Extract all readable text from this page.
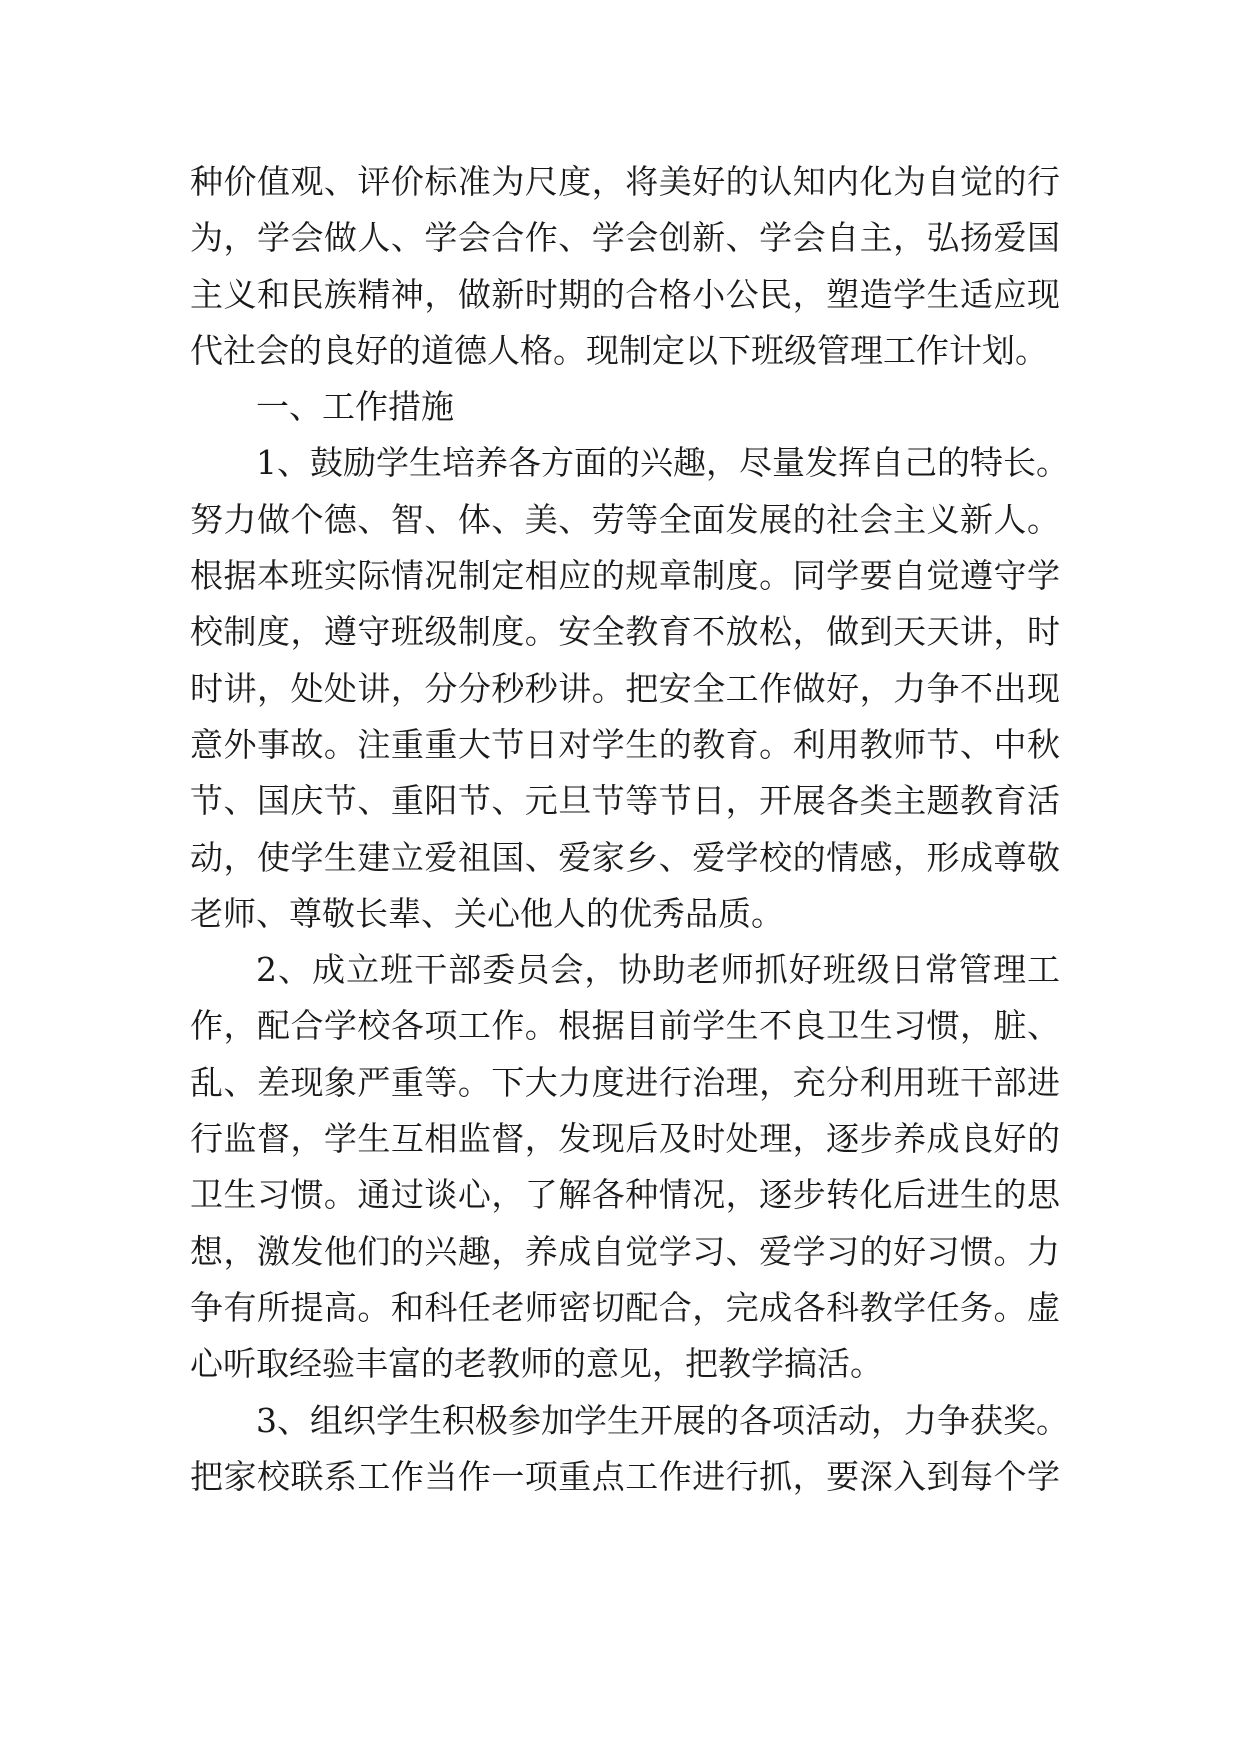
种价值观、评价标准为尺度，将美好的认知内化为自觉的行
为，学会做人、学会合作、学会创新、学会自主，弘扬爱国
主义和民族精神，做新时期的合格小公民，塑造学生适应现
代社会的良好的道德人格。现制定以下班级管理工作计划。
一、工作措施
1、鼓励学生培养各方面的兴趣，尽量发挥自己的特长。
努力做个德、智、体、美、劳等全面发展的社会主义新人。
根据本班实际情况制定相应的规章制度。同学要自觉遵守学
校制度，遵守班级制度。安全教育不放松，做到天天讲，时
时讲，处处讲，分分秒秒讲。把安全工作做好，力争不出现
意外事故。注重重大节日对学生的教育。利用教师节、中秋
节、国庆节、重阳节、元旦节等节日，开展各类主题教育活
动，使学生建立爱祖国、爱家乡、爱学校的情感，形成尊敬
老师、尊敬长辈、关心他人的优秀品质。
2、成立班干部委员会，协助老师抓好班级日常管理工
作，配合学校各项工作。根据目前学生不良卫生习惯，脏、
乱、差现象严重等。下大力度进行治理，充分利用班干部进
行监督，学生互相监督，发现后及时处理，逐步养成良好的
卫生习惯。通过谈心，了解各种情况，逐步转化后进生的思
想，激发他们的兴趣，养成自觉学习、爱学习的好习惯。力
争有所提高。和科任老师密切配合，完成各科教学任务。虚
心听取经验丰富的老教师的意见，把教学搞活。
3、组织学生积极参加学生开展的各项活动，力争获奖。
把家校联系工作当作一项重点工作进行抓，要深入到每个学
